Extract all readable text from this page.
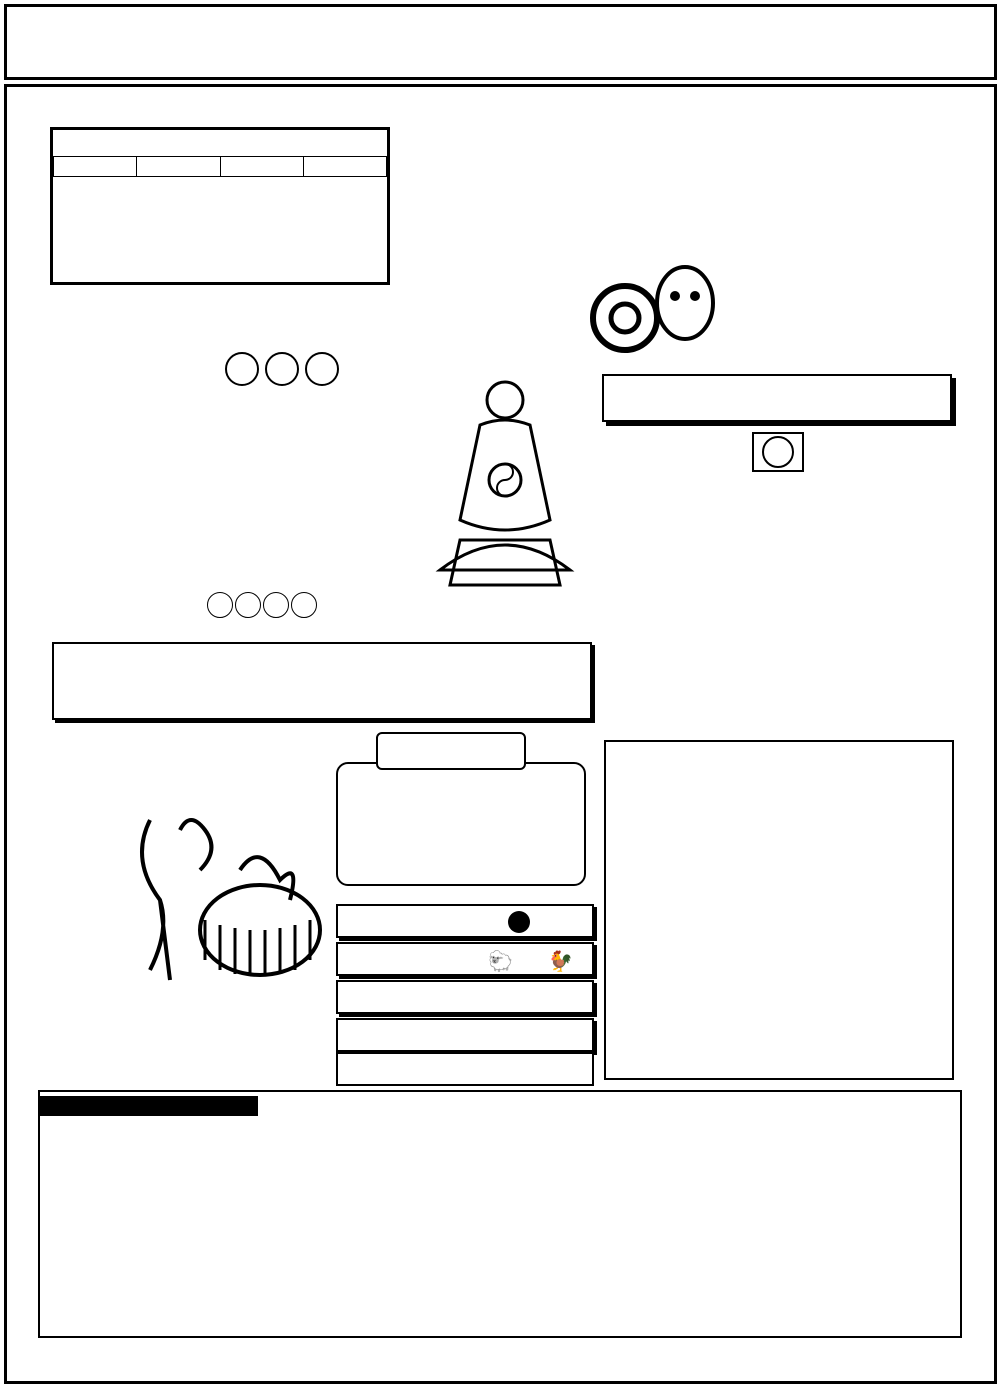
🐑 🐓
